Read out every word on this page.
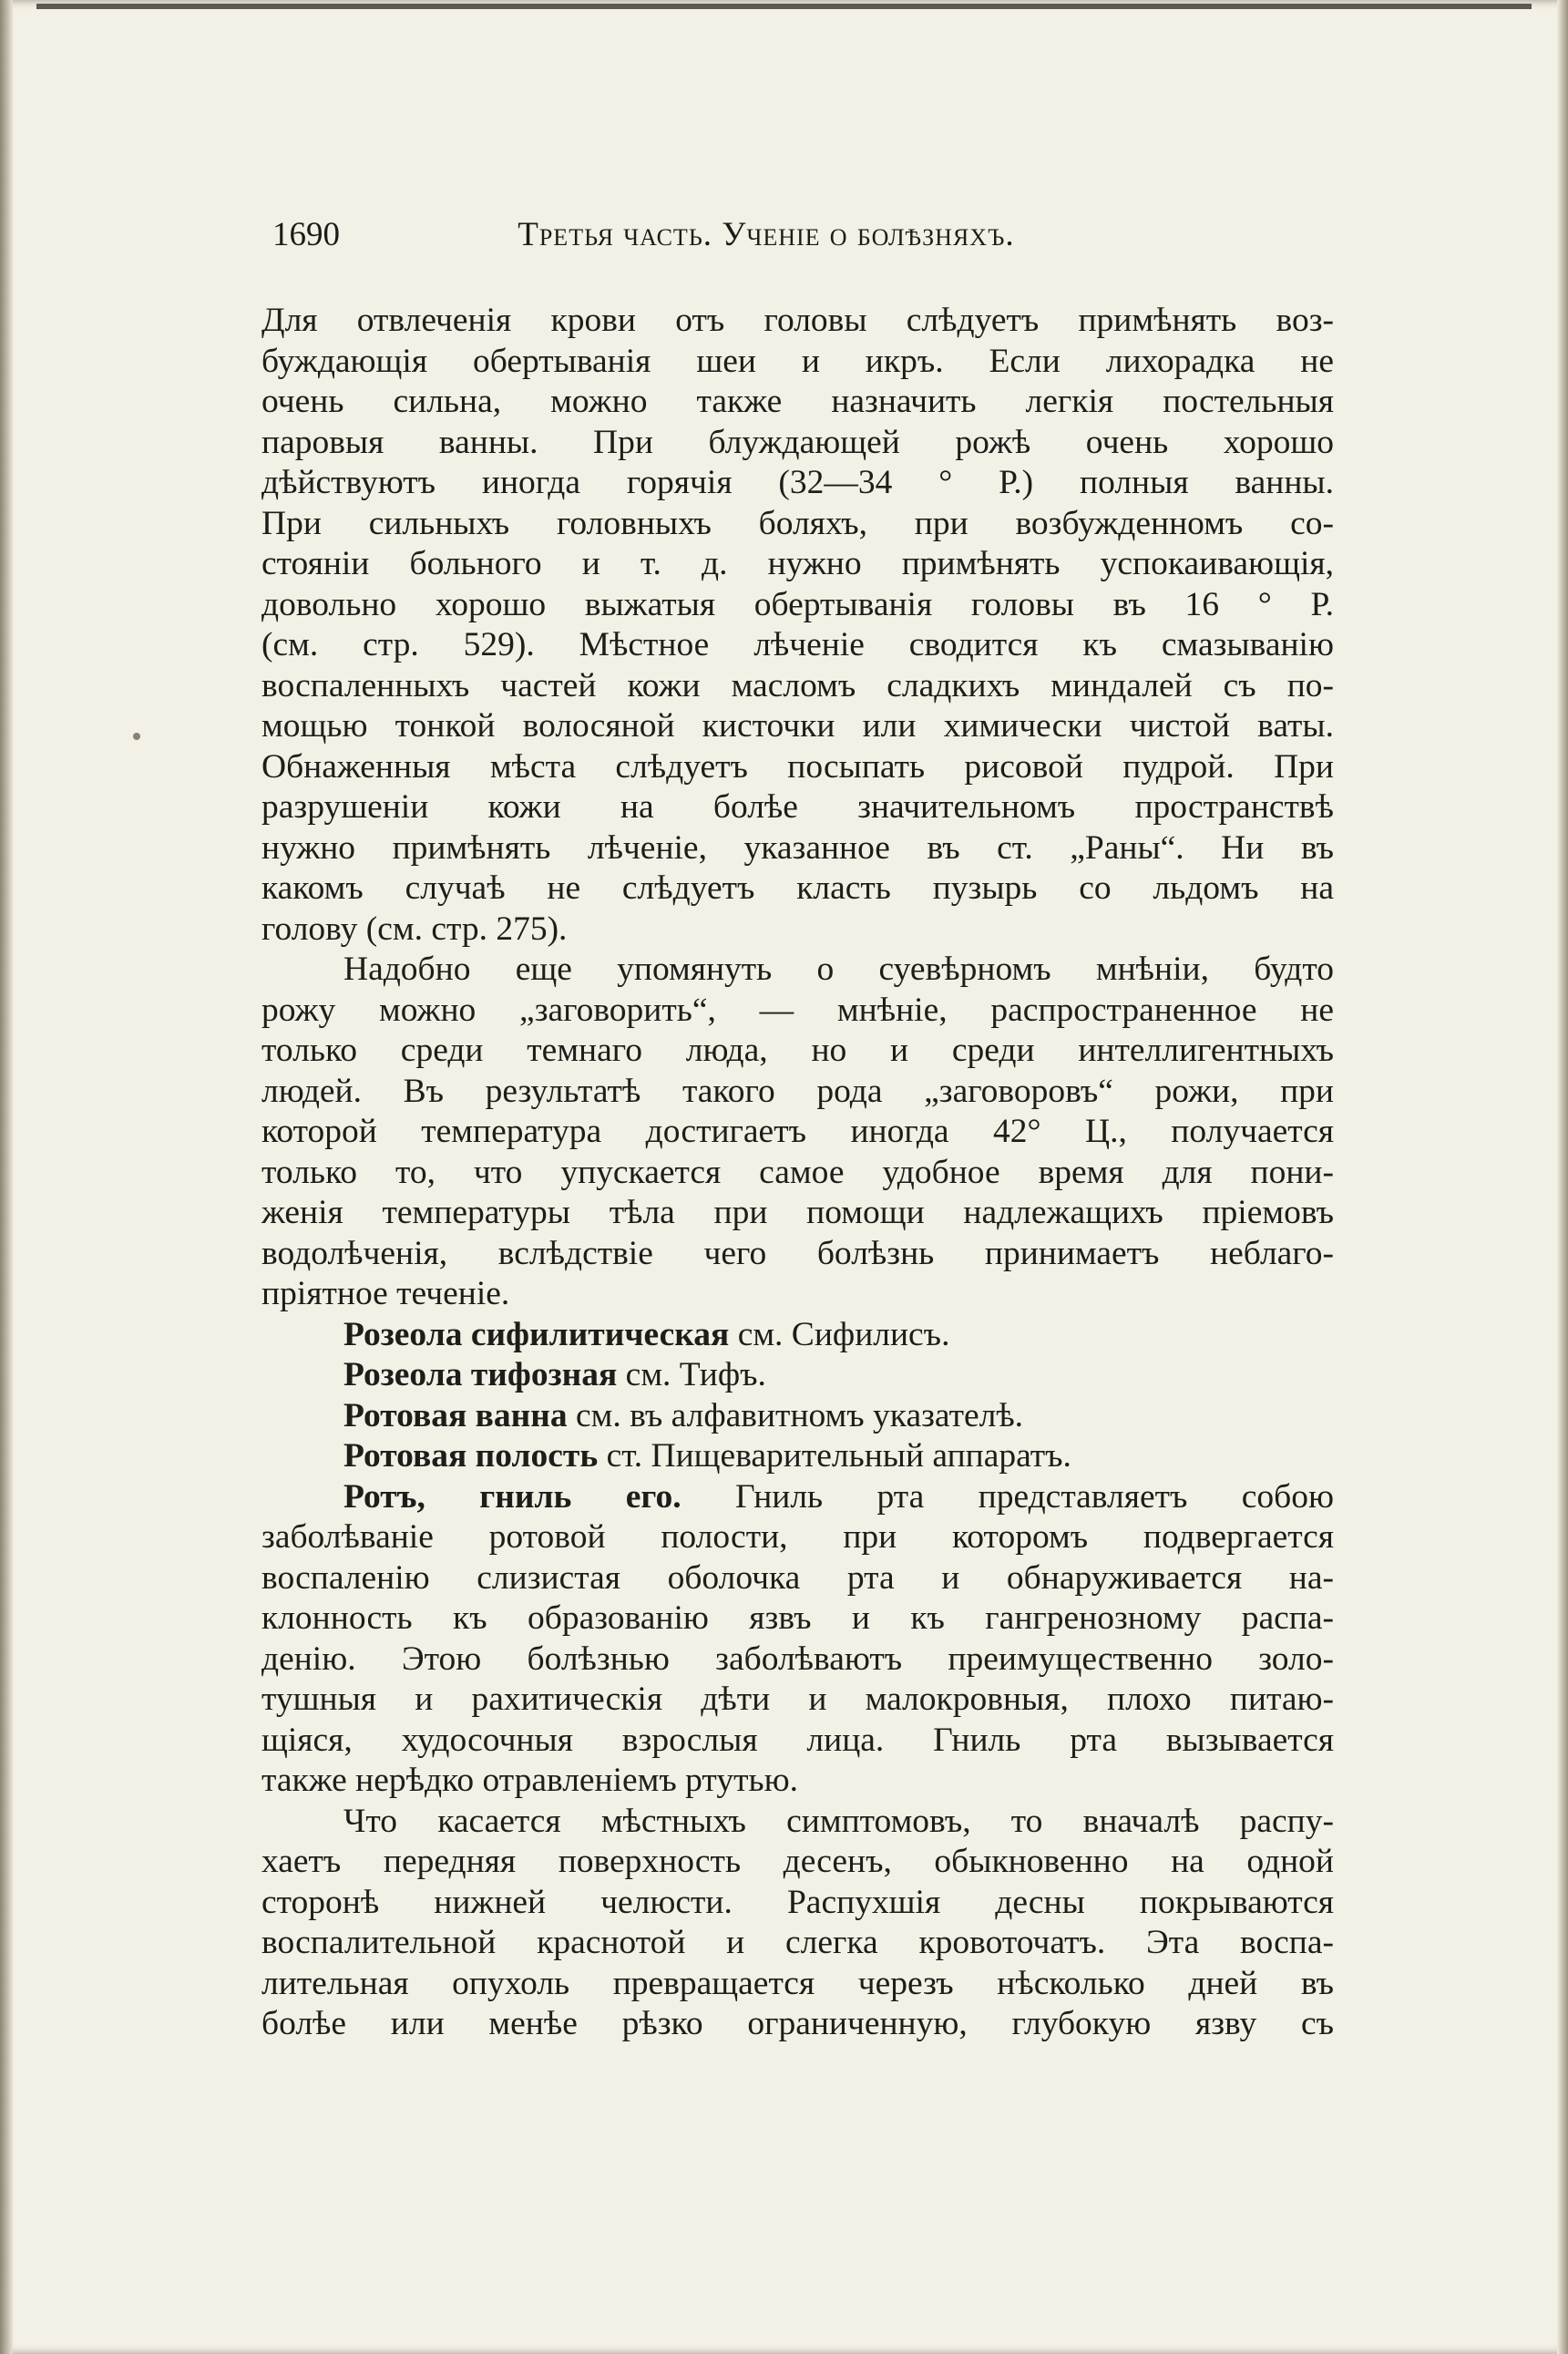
1690	Третья часть. Ученіе о болѣзняхъ.
Для отвлеченія крови отъ головы слѣдуетъ примѣнять воз-
буждающія обертыванія шеи и икръ. Если лихорадка не
очень сильна, можно также назначить легкія постельныя
паровыя ванны. При блуждающей рожѣ очень хорошо
дѣйствуютъ иногда горячія (32—34 ° Р.) полныя ванны.
При сильныхъ головныхъ боляхъ, при возбужденномъ со-
стояніи больного и т. д. нужно примѣнять успокаивающія,
довольно хорошо выжатыя обертыванія головы въ 16 ° Р.
(см. стр. 529). Мѣстное лѣченіе сводится къ смазыванію
воспаленныхъ частей кожи масломъ сладкихъ миндалей съ по-
мощью тонкой волосяной кисточки или химически чистой ваты.
Обнаженныя мѣста слѣдуетъ посыпать рисовой пудрой. При
разрушеніи кожи на болѣе значительномъ пространствѣ
нужно примѣнять лѣченіе, указанное въ ст. „Раны“. Ни въ
какомъ случаѣ не слѣдуетъ класть пузырь со льдомъ на
голову (см. стр. 275).
Надобно еще упомянуть о суевѣрномъ мнѣніи, будто
рожу можно „заговорить“, — мнѣніе, распространенное не
только среди темнаго люда, но и среди интеллигентныхъ
людей. Въ результатѣ такого рода „заговоровъ“ рожи, при
которой температура достигаетъ иногда 42° Ц., получается
только то, что упускается самое удобное время для пони-
женія температуры тѣла при помощи надлежащихъ пріемовъ
водолѣченія, вслѣдствіе чего болѣзнь принимаетъ неблаго-
пріятное теченіе.
Розеола сифилитическая см. Сифилисъ.
Розеола тифозная см. Тифъ.
Ротовая ванна см. въ алфавитномъ указателѣ.
Ротовая полость ст. Пищеварительный аппаратъ.
Ротъ, гниль его. Гниль рта представляетъ собою
заболѣваніе ротовой полости, при которомъ подвергается
воспаленію слизистая оболочка рта и обнаруживается на-
клонность къ образованію язвъ и къ гангренозному распа-
денію. Этою болѣзнью заболѣваютъ преимущественно золо-
тушныя и рахитическія дѣти и малокровныя, плохо питаю-
щіяся, худосочныя взрослыя лица. Гниль рта вызывается
также нерѣдко отравленіемъ ртутью.
Что касается мѣстныхъ симптомовъ, то вначалѣ распу-
хаетъ передняя поверхность десенъ, обыкновенно на одной
сторонѣ нижней челюсти. Распухшія десны покрываются
воспалительной краснотой и слегка кровоточатъ. Эта воспа-
лительная опухоль превращается черезъ нѣсколько дней въ
болѣе или менѣе рѣзко ограниченную, глубокую язву съ
